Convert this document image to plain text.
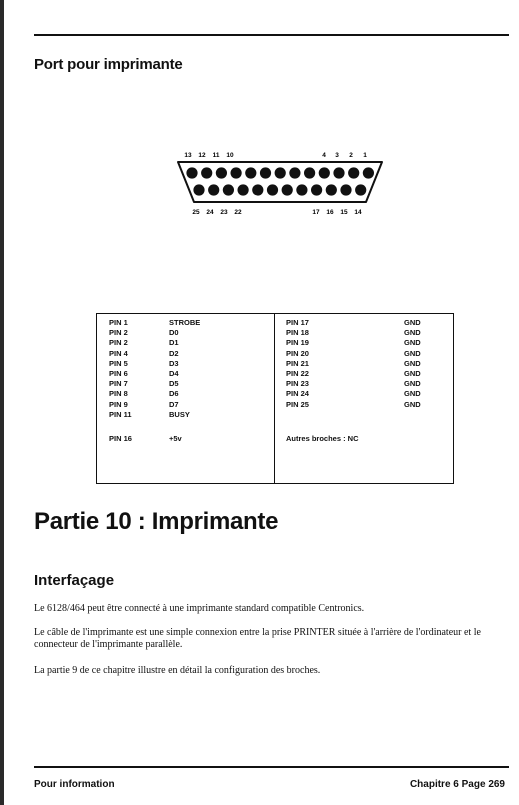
Port pour imprimante
13 12 11 10	4 3 2 1
25 24 23 22	17 16 15 14
PIN 1	STROBE
PIN 2	D0
PIN 2	D1
PIN 4	D2
PIN 5	D3
PIN 6	D4
PIN 7	D5
PIN 8	D6
PIN 9	D7
PIN 11	BUSY
PIN 16	+5v
PIN 17	GND
PIN 18	GND
PIN 19	GND
PIN 20	GND
PIN 21	GND
PIN 22	GND
PIN 23	GND
PIN 24	GND
PIN 25	GND
Autres broches : NC
Partie 10 : Imprimante
Interfaçage
Le 6128/464 peut être connecté à une imprimante standard compatible Centronics.
Le câble de l'imprimante est une simple connexion entre la prise PRINTER située à l'arrière de l'ordinateur et le connecteur de l'imprimante parallèle.
La partie 9 de ce chapitre illustre en détail la configuration des broches.
Pour information	Chapitre 6 Page 269
